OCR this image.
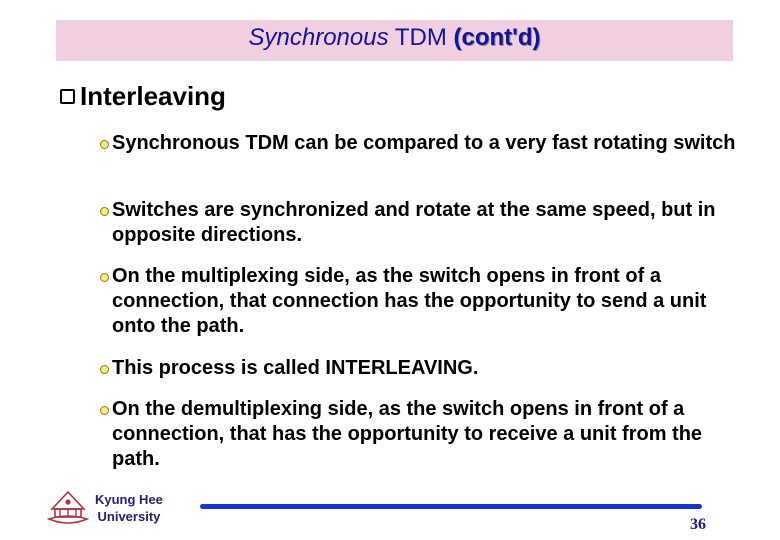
Synchronous TDM (cont'd)
Interleaving
Synchronous TDM can be compared to a very fast rotating switch
Switches are synchronized and rotate at the same speed, but in opposite directions.
On the multiplexing side, as the switch opens in front of a connection, that connection has the opportunity to send a unit onto the path.
This process is called INTERLEAVING.
On the demultiplexing side, as the switch opens in front of a connection, that has the opportunity to receive a unit from the path.
Kyung Hee
University	36
